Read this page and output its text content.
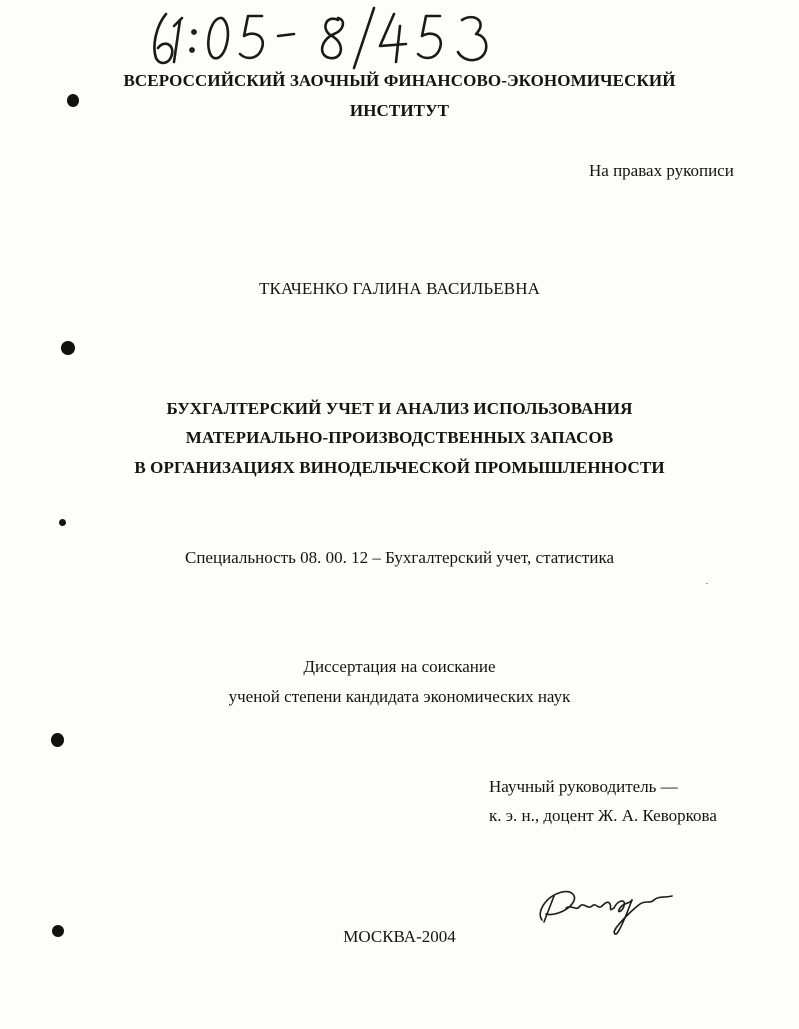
ВСЕРОССИЙСКИЙ ЗАОЧНЫЙ ФИНАНСОВО-ЭКОНОМИЧЕСКИЙ
ИНСТИТУТ
На правах рукописи
ТКАЧЕНКО ГАЛИНА ВАСИЛЬЕВНА
БУХГАЛТЕРСКИЙ УЧЕТ И АНАЛИЗ ИСПОЛЬЗОВАНИЯ
МАТЕРИАЛЬНО-ПРОИЗВОДСТВЕННЫХ ЗАПАСОВ
В ОРГАНИЗАЦИЯХ ВИНОДЕЛЬЧЕСКОЙ ПРОМЫШЛЕННОСТИ
Специальность 08. 00. 12 – Бухгалтерский учет, статистика
Диссертация на соискание
ученой степени кандидата экономических наук
Научный руководитель —
к. э. н., доцент Ж. А. Кеворкова
МОСКВА-2004
